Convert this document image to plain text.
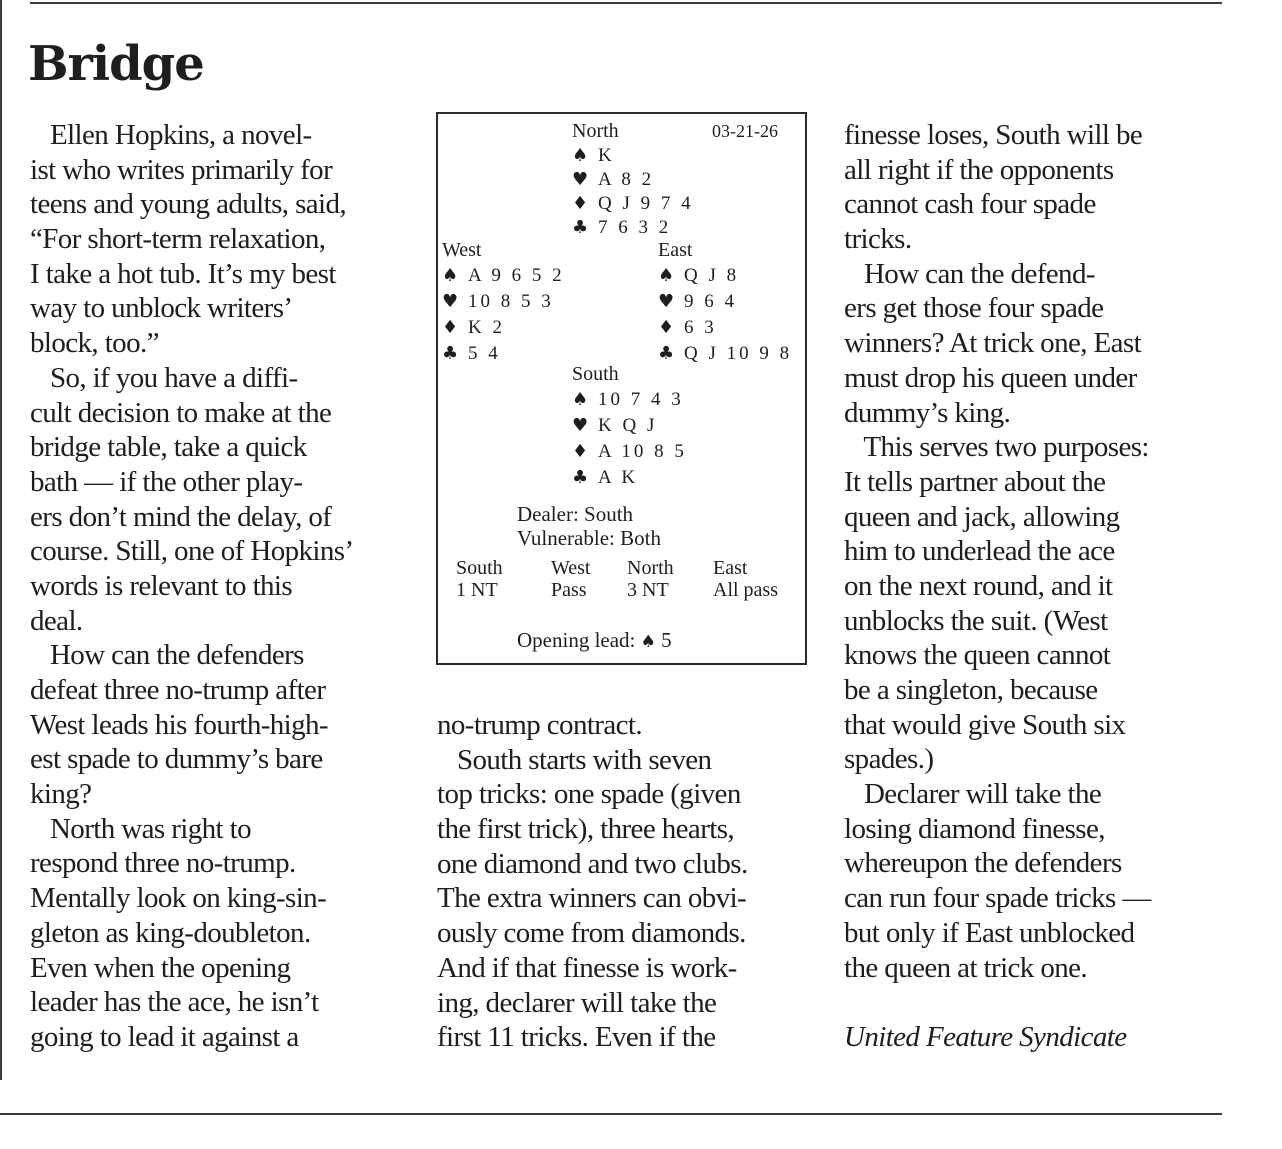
Bridge
Ellen Hopkins, a novel-
ist who writes primarily for
teens and young adults, said,
“For short-term relaxation,
I take a hot tub. It’s my best
way to unblock writers’
block, too.”
So, if you have a diffi-
cult decision to make at the
bridge table, take a quick
bath — if the other play-
ers don’t mind the delay, of
course. Still, one of Hopkins’
words is relevant to this
deal.
How can the defenders
defeat three no-trump after
West leads his fourth-high-
est spade to dummy’s bare
king?
North was right to
respond three no-trump.
Mentally look on king-sin-
gleton as king-doubleton.
Even when the opening
leader has the ace, he isn’t
going to lead it against a
North	03-21-26
♠ K
♥ A 8 2
♦ Q J 9 7 4
♣ 7 6 3 2
West
♠ A 9 6 5 2
♥ 10 8 5 3
♦ K 2
♣ 5 4
East
♠ Q J 8
♥ 9 6 4
♦ 6 3
♣ Q J 10 9 8
South
♠ 10 7 4 3
♥ K Q J
♦ A 10 8 5
♣ A K
Dealer: South
Vulnerable: Both
South
1 NT
West
Pass
North
3 NT
East
All pass
Opening lead: ♠ 5
no-trump contract.
South starts with seven
top tricks: one spade (given
the first trick), three hearts,
one diamond and two clubs.
The extra winners can obvi-
ously come from diamonds.
And if that finesse is work-
ing, declarer will take the
first 11 tricks. Even if the
finesse loses, South will be
all right if the opponents
cannot cash four spade
tricks.
How can the defend-
ers get those four spade
winners? At trick one, East
must drop his queen under
dummy’s king.
This serves two purposes:
It tells partner about the
queen and jack, allowing
him to underlead the ace
on the next round, and it
unblocks the suit. (West
knows the queen cannot
be a singleton, because
that would give South six
spades.)
Declarer will take the
losing diamond finesse,
whereupon the defenders
can run four spade tricks —
but only if East unblocked
the queen at trick one.
United Feature Syndicate
